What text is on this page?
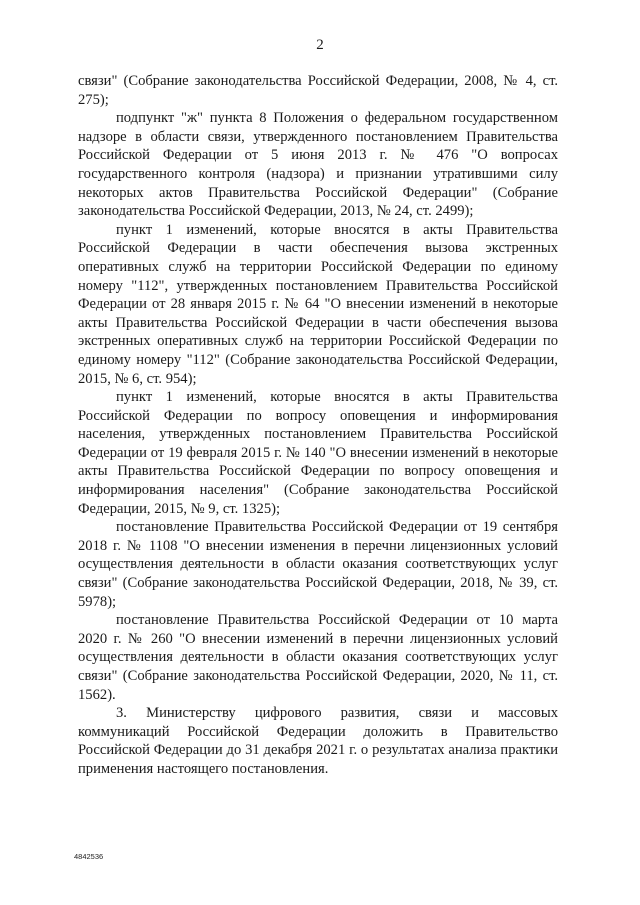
2

связи" (Собрание законодательства Российской Федерации, 2008, № 4, ст. 275);

подпункт "ж" пункта 8 Положения о федеральном государственном надзоре в области связи, утвержденного постановлением Правительства Российской Федерации от 5 июня 2013 г. № 476 "О вопросах государственного контроля (надзора) и признании утратившими силу некоторых актов Правительства Российской Федерации" (Собрание законодательства Российской Федерации, 2013, № 24, ст. 2499);

пункт 1 изменений, которые вносятся в акты Правительства Российской Федерации в части обеспечения вызова экстренных оперативных служб на территории Российской Федерации по единому номеру "112", утвержденных постановлением Правительства Российской Федерации от 28 января 2015 г. № 64 "О внесении изменений в некоторые акты Правительства Российской Федерации в части обеспечения вызова экстренных оперативных служб на территории Российской Федерации по единому номеру "112" (Собрание законодательства Российской Федерации, 2015, № 6, ст. 954);

пункт 1 изменений, которые вносятся в акты Правительства Российской Федерации по вопросу оповещения и информирования населения, утвержденных постановлением Правительства Российской Федерации от 19 февраля 2015 г. № 140 "О внесении изменений в некоторые акты Правительства Российской Федерации по вопросу оповещения и информирования населения" (Собрание законодательства Российской Федерации, 2015, № 9, ст. 1325);

постановление Правительства Российской Федерации от 19 сентября 2018 г. № 1108 "О внесении изменения в перечни лицензионных условий осуществления деятельности в области оказания соответствующих услуг связи" (Собрание законодательства Российской Федерации, 2018, № 39, ст. 5978);

постановление Правительства Российской Федерации от 10 марта 2020 г. № 260 "О внесении изменений в перечни лицензионных условий осуществления деятельности в области оказания соответствующих услуг связи" (Собрание законодательства Российской Федерации, 2020, № 11, ст. 1562).

3. Министерству цифрового развития, связи и массовых коммуникаций Российской Федерации доложить в Правительство Российской Федерации до 31 декабря 2021 г. о результатах анализа практики применения настоящего постановления.

4842536
